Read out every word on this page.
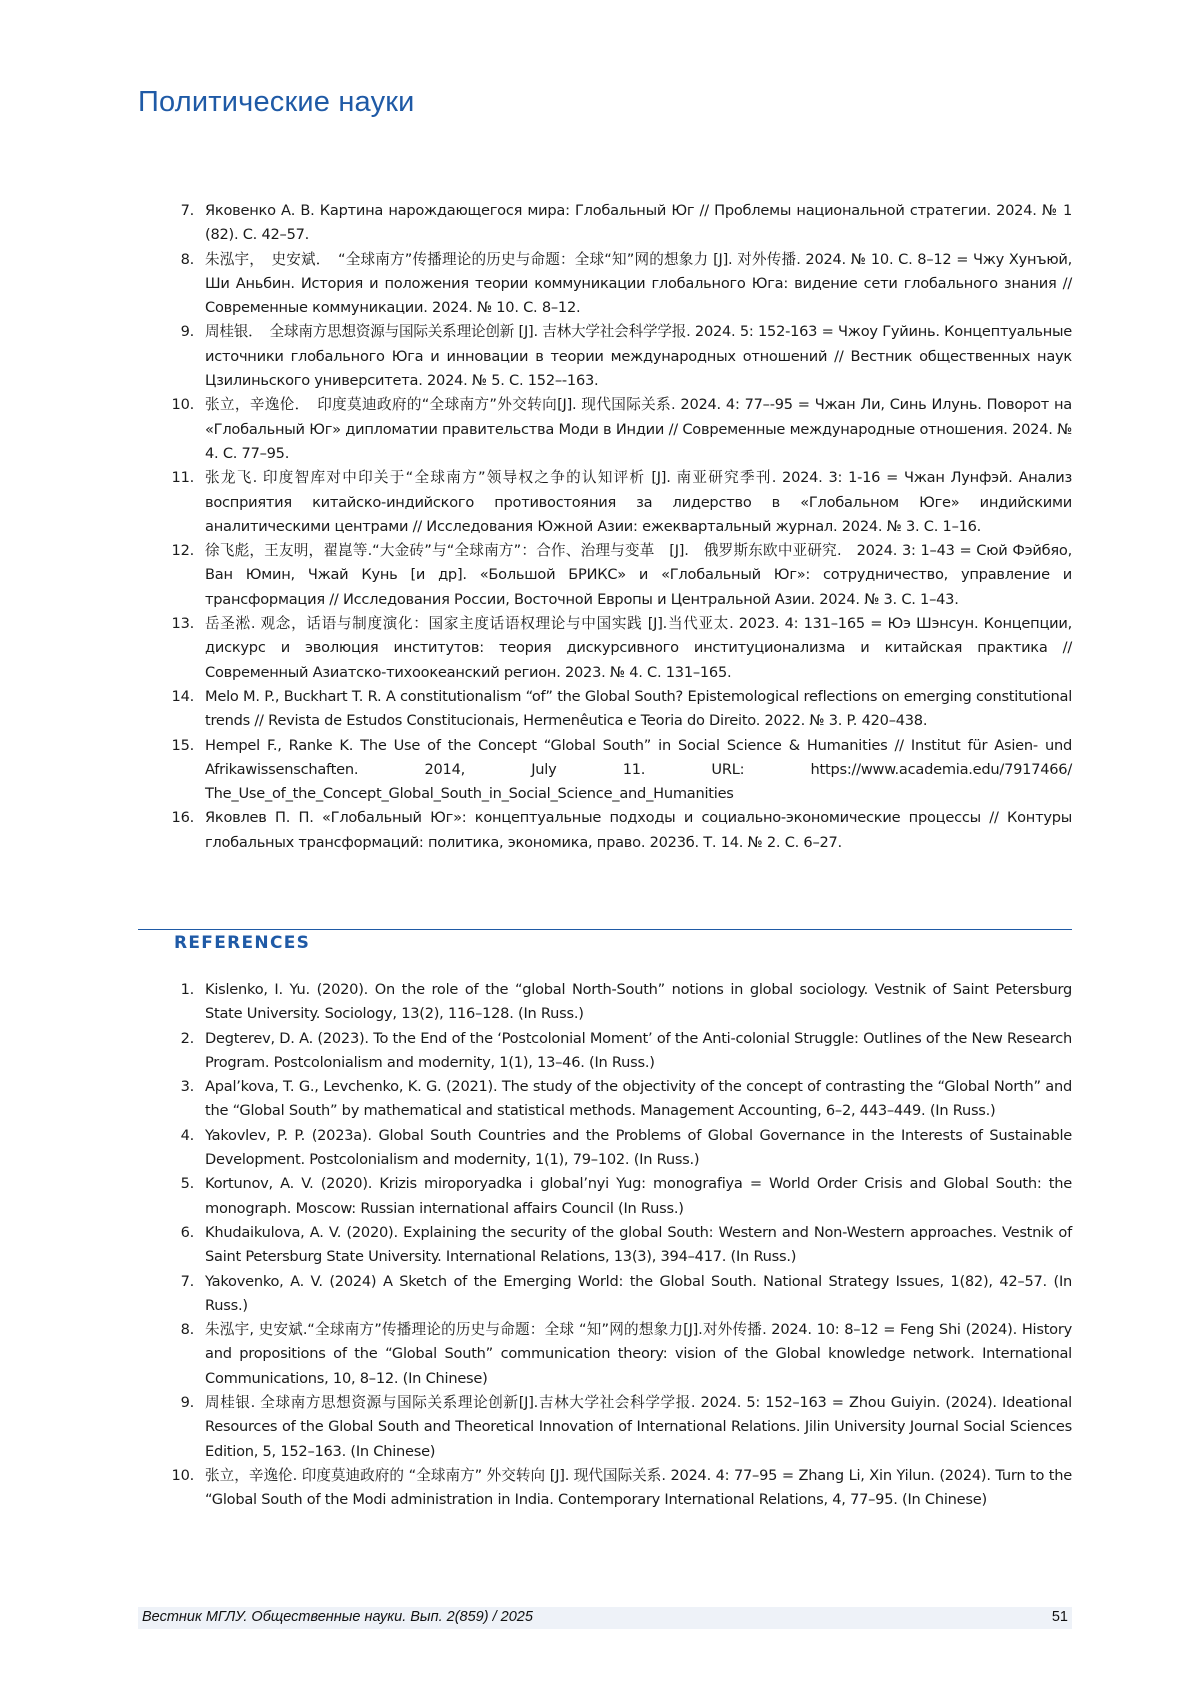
Политические науки
7. Яковенко А. В. Картина нарождающегося мира: Глобальный Юг // Проблемы национальной стратегии. 2024. № 1 (82). С. 42–57.
8. 朱泓宇，　史安斌．　“全球南方”传播理论的历史与命题：全球“知”网的想象力 [J]. 对外传播. 2024. № 10. С. 8–12 = Чжу Хунъюй, Ши Аньбин. История и положения теории коммуникации глобального Юга: видение сети глобального знания // Современные коммуникации. 2024. № 10. С. 8–12.
9. 周桂银．　全球南方思想资源与国际关系理论创新 [J]. 吉林大学社会科学学报. 2024. 5: 152-163 = Чжоу Гуйинь. Концептуальные источники глобального Юга и инновации в теории международных отношений // Вестник общественных наук Цзилиньского университета. 2024. № 5. С. 152–-163.
10. 张立，辛逸伦．　印度莫迪政府的“全球南方”外交转向[J]. 现代国际关系. 2024. 4: 77–-95 = Чжан Ли, Синь Илунь. Поворот на «Глобальный Юг» дипломатии правительства Моди в Индии // Современные международные отношения. 2024. № 4. С. 77–95.
11. 张龙飞. 印度智库对中印关于“全球南方”领导权之争的认知评析 [J]. 南亚研究季刊. 2024. 3: 1-16 = Чжан Лунфэй. Анализ восприятия китайско-индийского противостояния за лидерство в «Глобальном Юге» индийскими аналитическими центрами // Исследования Южной Азии: ежеквартальный журнал. 2024. № 3. С. 1–16.
12. 徐飞彪，王友明，翟崑等.“大金砖”与“全球南方”：合作、治理与变革　[J].　俄罗斯东欧中亚研究.　2024. 3: 1–43 = Сюй Фэйбяо, Ван Юмин, Чжай Кунь [и др]. «Большой БРИКС» и «Глобальный Юг»: сотрудничество, управление и трансформация // Исследования России, Восточной Европы и Центральной Азии. 2024. № 3. С. 1–43.
13. 岳圣淞. 观念，话语与制度演化：国家主度话语权理论与中国实践 [J].当代亚太. 2023. 4: 131–165 = Юэ Шэнсун. Концепции, дискурс и эволюция институтов: теория дискурсивного институционализма и китайская практика // Современный Азиатско-тихоокеанский регион. 2023. № 4. С. 131–165.
14. Melo M. P., Buckhart T. R. A constitutionalism “of” the Global South? Epistemological reflections on emerging constitutional trends // Revista de Estudos Constitucionais, Hermenêutica e Teoria do Direito. 2022. № 3. P. 420–438.
15. Hempel F., Ranke K. The Use of the Concept “Global South” in Social Science & Humanities // Institut für Asien- und Afrikawissenschaften. 2014, July 11. URL: https://www.academia.edu/7917466/ The_Use_of_the_Concept_Global_South_in_Social_Science_and_Humanities
16. Яковлев П. П. «Глобальный Юг»: концептуальные подходы и социально-экономические процессы // Контуры глобальных трансформаций: политика, экономика, право. 2023б. Т. 14. № 2. С. 6–27.
REFERENCES
1. Kislenko, I. Yu. (2020). On the role of the “global North-South” notions in global sociology. Vestnik of Saint Petersburg State University. Sociology, 13(2), 116–128. (In Russ.)
2. Degterev, D. A. (2023). To the End of the ‘Postcolonial Moment’ of the Anti-colonial Struggle: Outlines of the New Research Program. Postcolonialism and modernity, 1(1), 13–46. (In Russ.)
3. Apal’kova, T. G., Levchenko, K. G. (2021). The study of the objectivity of the concept of contrasting the “Global North” and the “Global South” by mathematical and statistical methods. Management Accounting, 6–2, 443–449. (In Russ.)
4. Yakovlev, P. P. (2023a). Global South Countries and the Problems of Global Governance in the Interests of Sustainable Development. Postcolonialism and modernity, 1(1), 79–102. (In Russ.)
5. Kortunov, A. V. (2020). Krizis miroporyadka i global’nyi Yug: monografiya = World Order Crisis and Global South: the monograph. Moscow: Russian international affairs Council (In Russ.)
6. Khudaikulova, A. V. (2020). Explaining the security of the global South: Western and Non-Western approaches. Vestnik of Saint Petersburg State University. International Relations, 13(3), 394–417. (In Russ.)
7. Yakovenko, A. V. (2024) A Sketch of the Emerging World: the Global South. National Strategy Issues, 1(82), 42–57. (In Russ.)
8. 朱泓宇, 史安斌.“全球南方”传播理论的历史与命题：全球 “知”网的想象力[J].对外传播. 2024. 10: 8–12 = Feng Shi (2024). History and propositions of the “Global South” communication theory: vision of the Global knowledge network. International Communications, 10, 8–12. (In Chinese)
9. 周桂银. 全球南方思想资源与国际关系理论创新[J].吉林大学社会科学学报. 2024. 5: 152–163 = Zhou Guiyin. (2024). Ideational Resources of the Global South and Theoretical Innovation of International Relations. Jilin University Journal Social Sciences Edition, 5, 152–163. (In Chinese)
10. 张立，辛逸伦. 印度莫迪政府的 “全球南方” 外交转向 [J]. 现代国际关系. 2024. 4: 77–95 = Zhang Li, Xin Yilun. (2024). Turn to the “Global South of the Modi administration in India. Contemporary International Relations, 4, 77–95. (In Chinese)
Вестник МГЛУ. Общественные науки. Вып. 2(859) / 2025	51
